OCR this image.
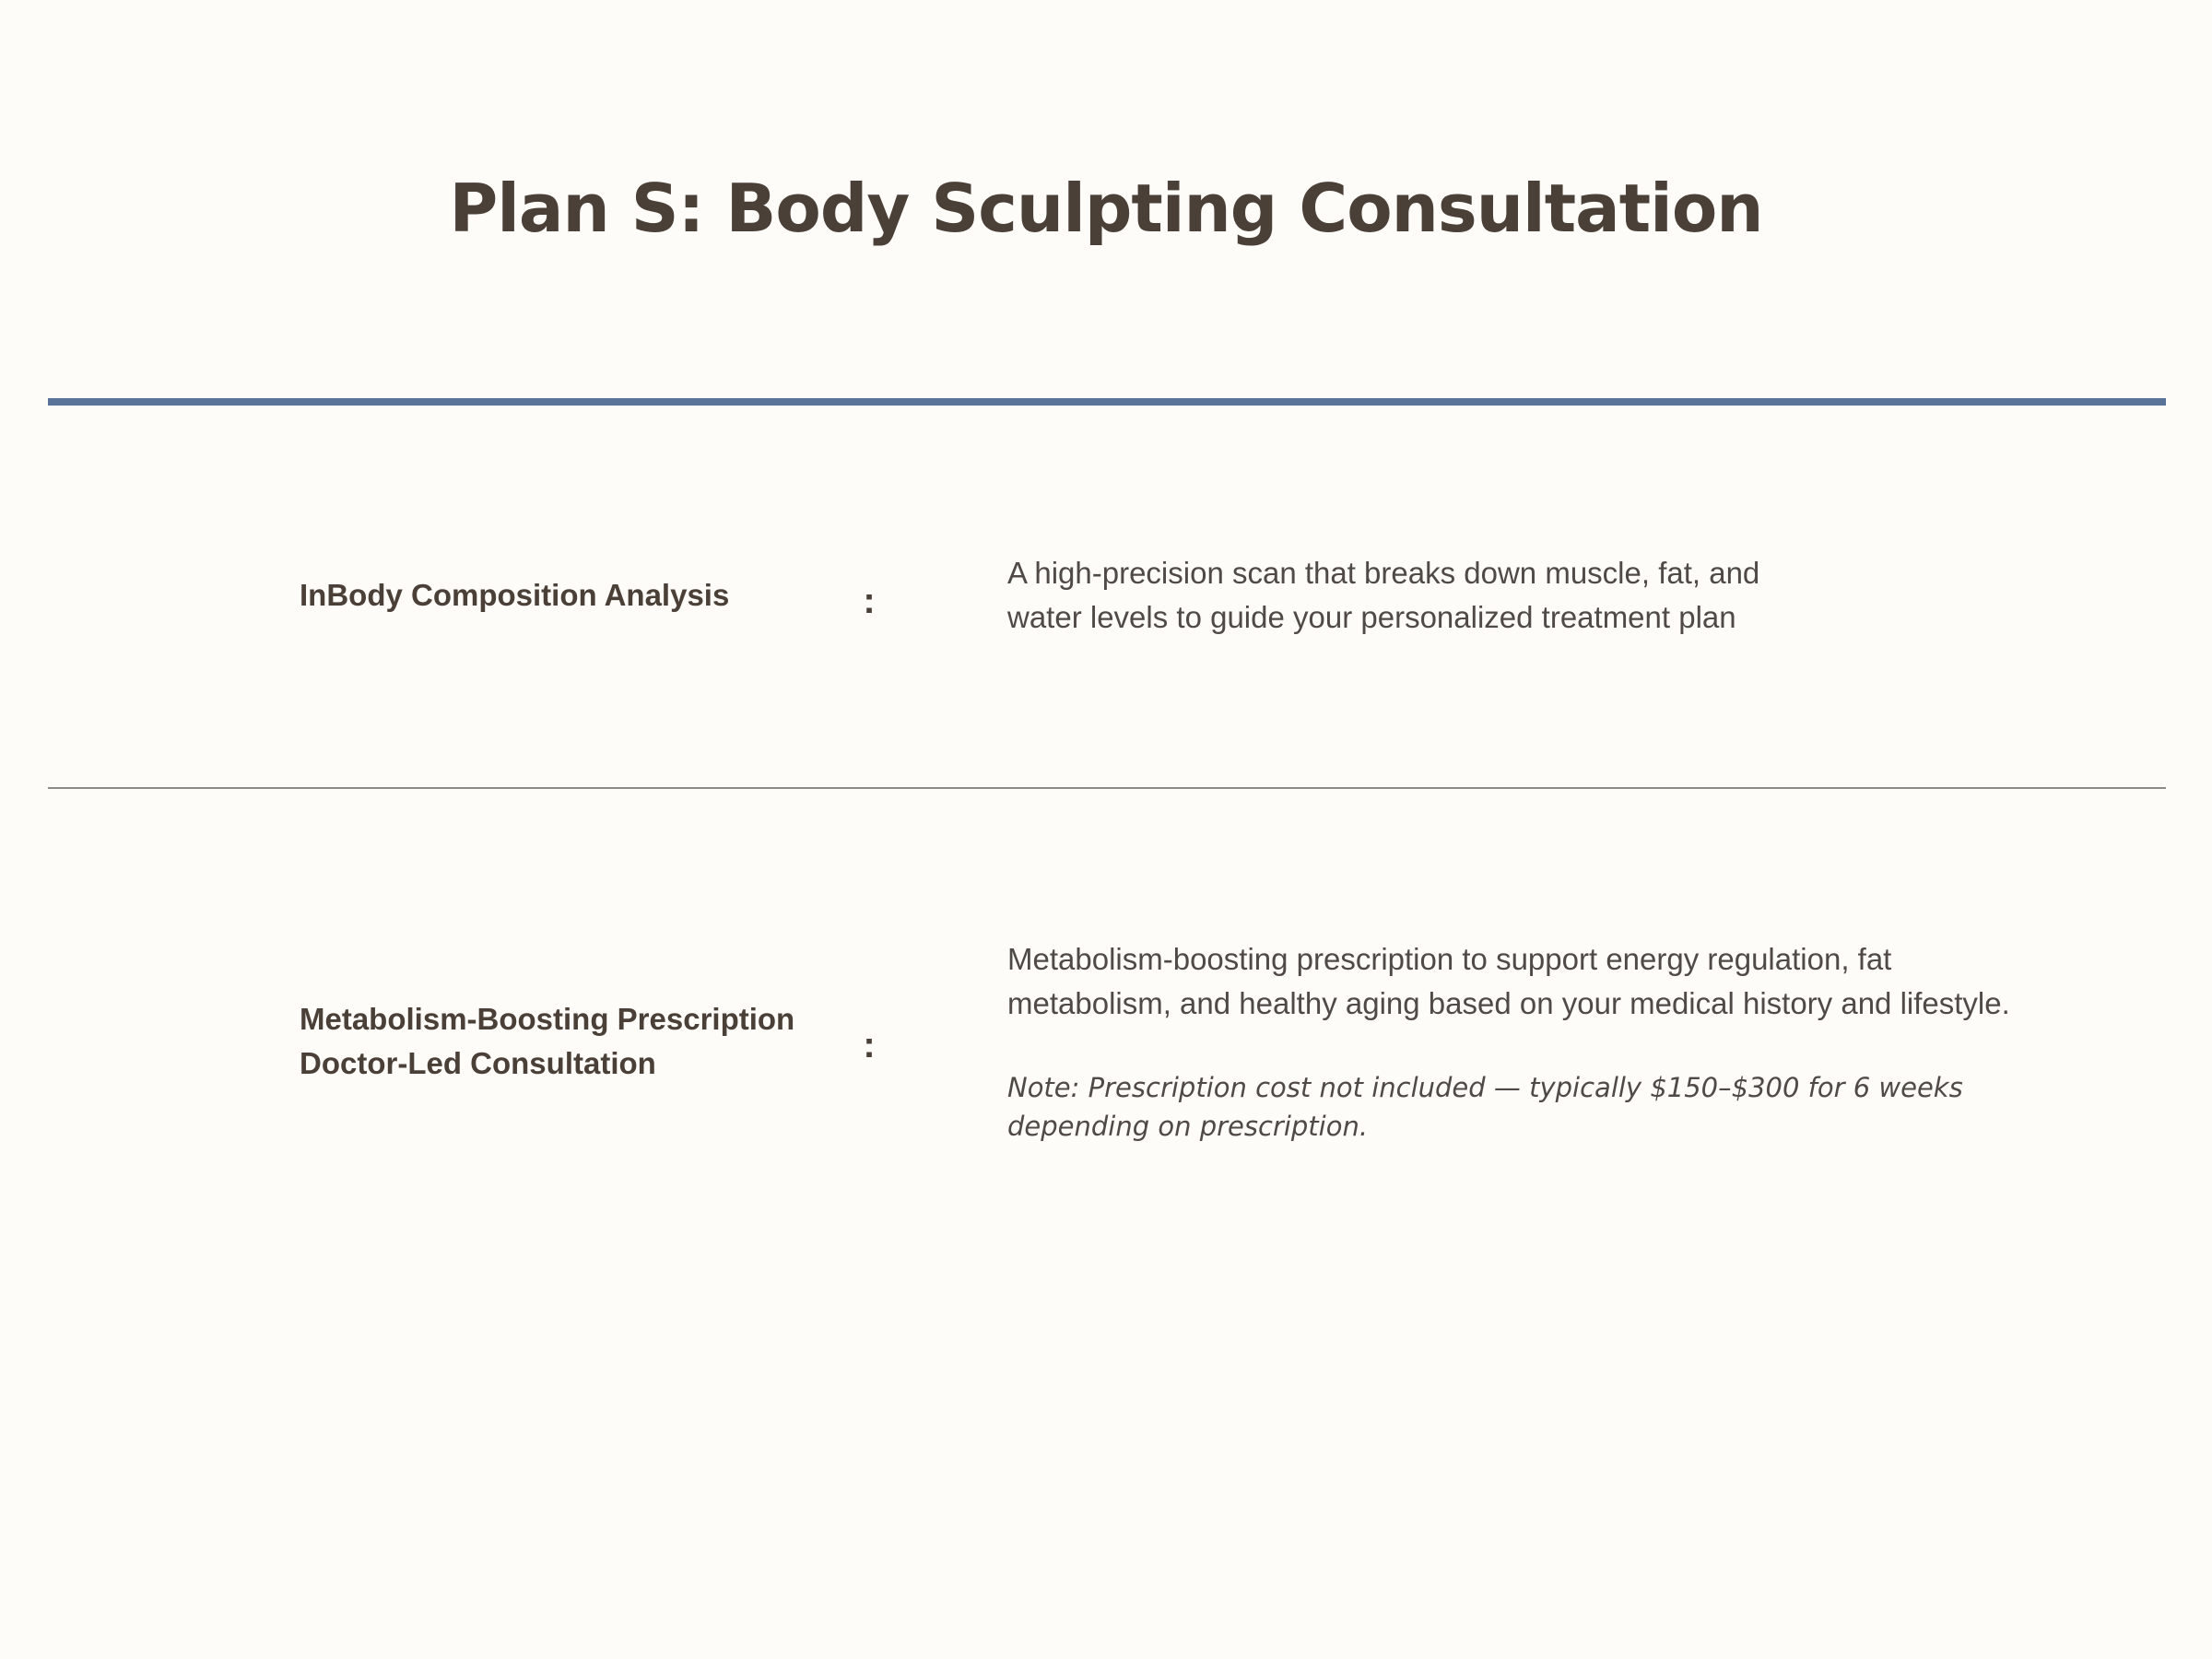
Plan S: Body Sculpting Consultation
InBody Composition Analysis	:
A high-precision scan that breaks down muscle, fat, and
water levels to guide your personalized treatment plan
Metabolism-Boosting Prescription
Doctor-Led Consultation	:
Metabolism-boosting prescription to support energy regulation, fat
metabolism, and healthy aging based on your medical history and lifestyle.
Note: Prescription cost not included — typically $150–$300 for 6 weeks
depending on prescription.
